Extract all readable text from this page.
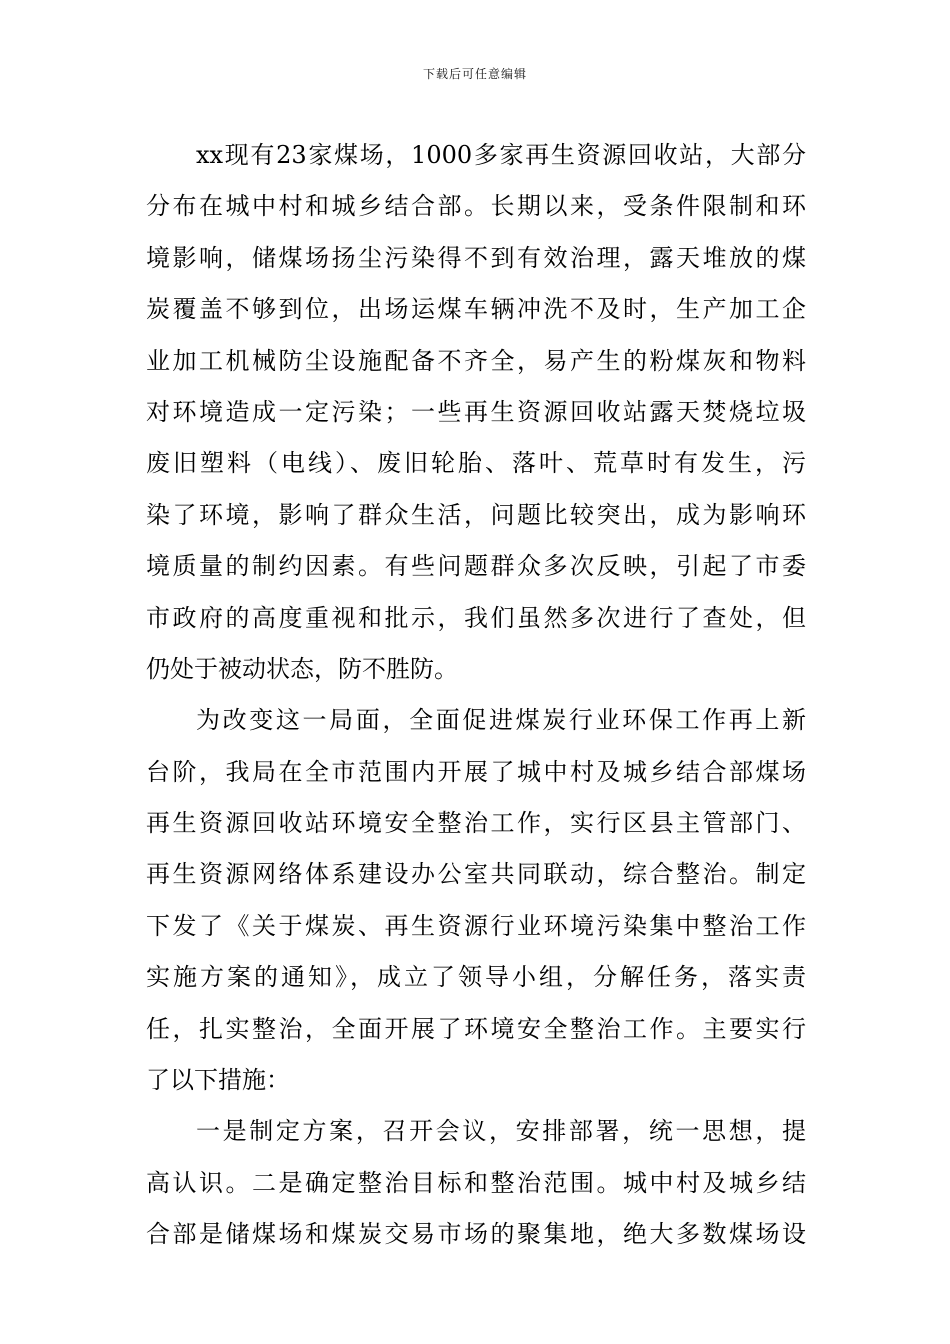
下载后可任意编辑
xx现有23家煤场，1000多家再生资源回收站，大部分
分布在城中村和城乡结合部。长期以来，受条件限制和环
境影响，储煤场扬尘污染得不到有效治理，露天堆放的煤
炭覆盖不够到位，出场运煤车辆冲洗不及时，生产加工企
业加工机械防尘设施配备不齐全，易产生的粉煤灰和物料
对环境造成一定污染；一些再生资源回收站露天焚烧垃圾
废旧塑料（电线）、废旧轮胎、落叶、荒草时有发生，污
染了环境，影响了群众生活，问题比较突出，成为影响环
境质量的制约因素。有些问题群众多次反映，引起了市委
市政府的高度重视和批示，我们虽然多次进行了查处，但
仍处于被动状态，防不胜防。
为改变这一局面，全面促进煤炭行业环保工作再上新
台阶，我局在全市范围内开展了城中村及城乡结合部煤场
再生资源回收站环境安全整治工作，实行区县主管部门、
再生资源网络体系建设办公室共同联动，综合整治。制定
下发了《关于煤炭、再生资源行业环境污染集中整治工作
实施方案的通知》，成立了领导小组，分解任务，落实责
任，扎实整治，全面开展了环境安全整治工作。主要实行
了以下措施：
一是制定方案，召开会议，安排部署，统一思想，提
高认识。二是确定整治目标和整治范围。城中村及城乡结
合部是储煤场和煤炭交易市场的聚集地，绝大多数煤场设
